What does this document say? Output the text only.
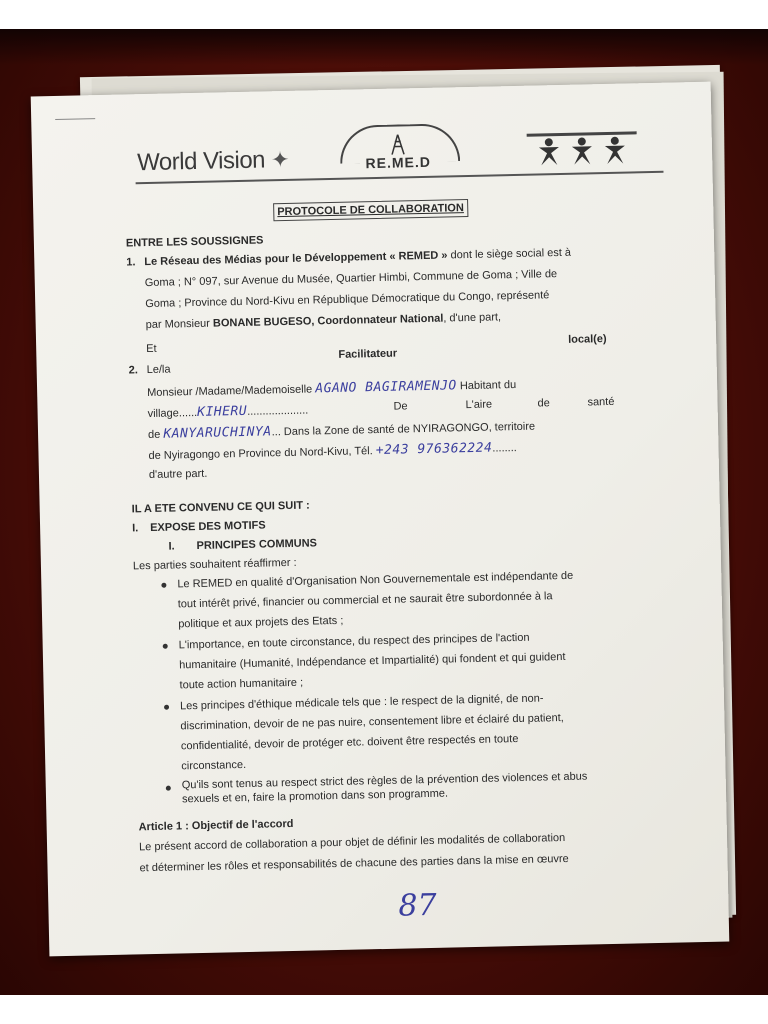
World Vision ✦	RE.ME.D
PROTOCOLE DE COLLABORATION
ENTRE LES SOUSSIGNES
1. Le Réseau des Médias pour le Développement « REMED » dont le siège social est à
Goma ; N° 097, sur Avenue du Musée, Quartier Himbi, Commune de Goma ; Ville de
Goma ; Province du Nord-Kivu en République Démocratique du Congo, représenté
par Monsieur BONANE BUGESO, Coordonnateur National, d'une part,
Et	Facilitateur
local(e)
2. Le/la
Monsieur /Madame/Mademoiselle AGANO BAGIRAMENJO Habitant du
village......KIHERU....................	De	L'aire	de	santé
de KANYARUCHINYA... Dans la Zone de santé de NYIRAGONGO, territoire
de Nyiragongo en Province du Nord-Kivu, Tél. +243 976362224........
d'autre part.
IL A ETE CONVENU CE QUI SUIT :
I. EXPOSE DES MOTIFS
I. PRINCIPES COMMUNS
Les parties souhaitent réaffirmer :
Le REMED en qualité d'Organisation Non Gouvernementale est indépendante de
tout intérêt privé, financier ou commercial et ne saurait être subordonnée à la
politique et aux projets des Etats ;
L'importance, en toute circonstance, du respect des principes de l'action
humanitaire (Humanité, Indépendance et Impartialité) qui fondent et qui guident
toute action humanitaire ;
Les principes d'éthique médicale tels que : le respect de la dignité, de non-
discrimination, devoir de ne pas nuire, consentement libre et éclairé du patient,
confidentialité, devoir de protéger etc. doivent être respectés en toute
circonstance.
Qu'ils sont tenus au respect strict des règles de la prévention des violences et abus
sexuels et en, faire la promotion dans son programme.
Article 1 : Objectif de l'accord
Le présent accord de collaboration a pour objet de définir les modalités de collaboration
et déterminer les rôles et responsabilités de chacune des parties dans la mise en œuvre
87
